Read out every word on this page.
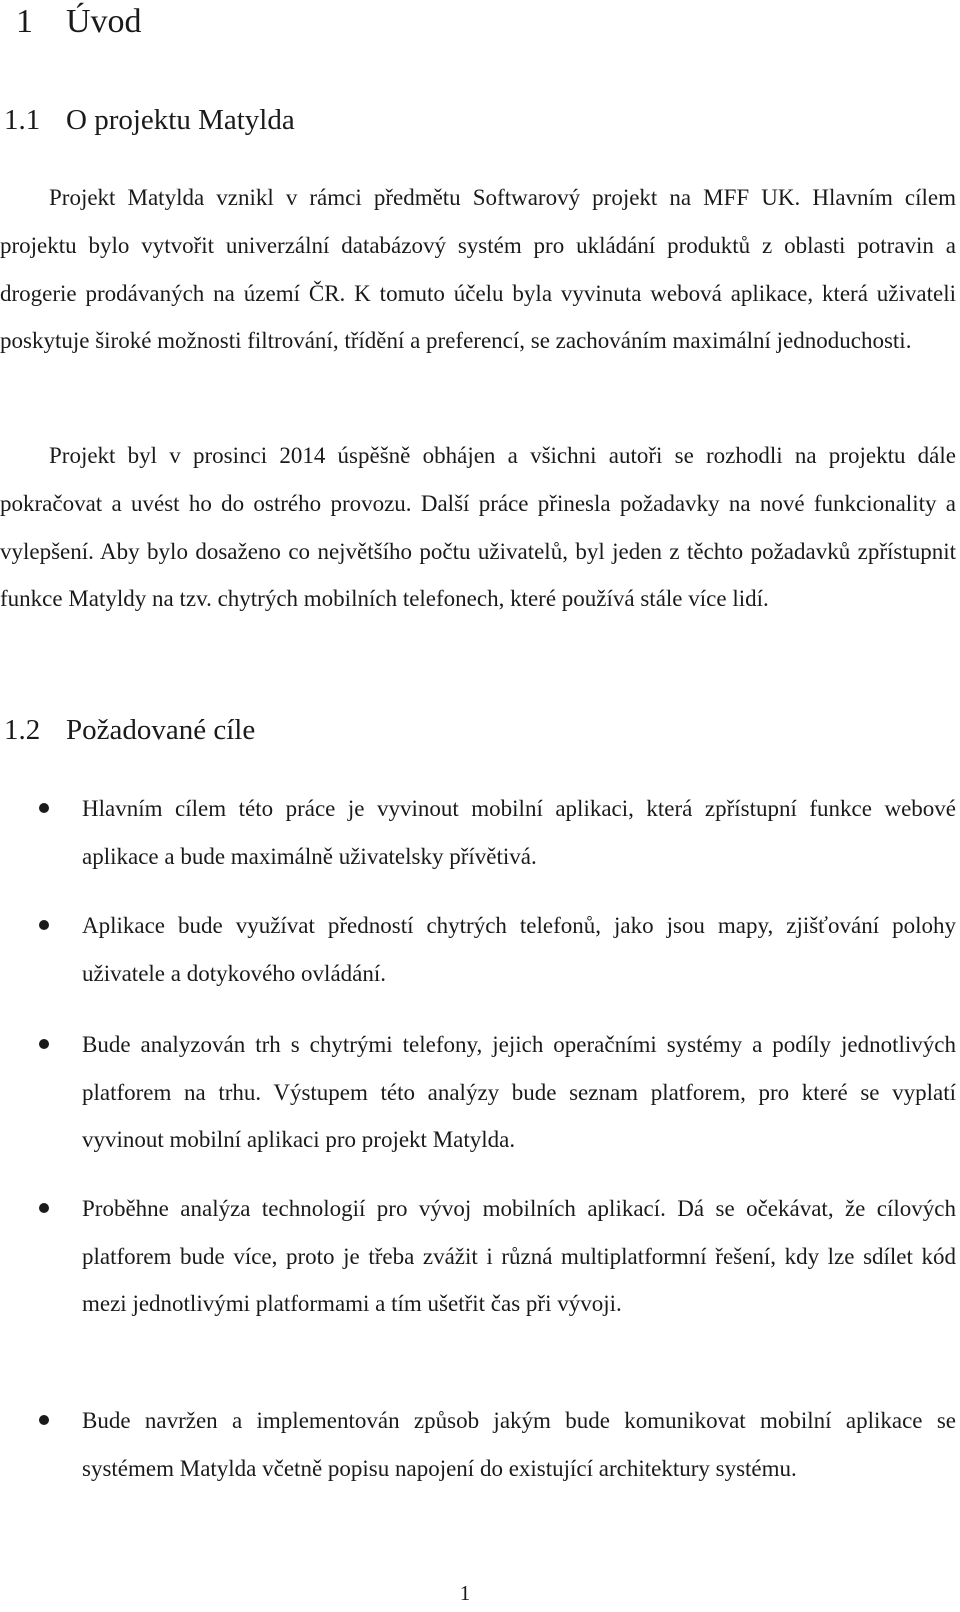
1 Úvod
1.1 O projektu Matylda

Projekt Matylda vznikl v rámci předmětu Softwarový projekt na MFF UK. Hlavním cílem projektu bylo vytvořit univerzální databázový systém pro ukládání produktů z oblasti potravin a drogerie prodávaných na území ČR. K tomuto účelu byla vyvinuta webová aplikace, která uživateli poskytuje široké možnosti filtrování, třídění a preferencí, se zachováním maximální jednoduchosti.

Projekt byl v prosinci 2014 úspěšně obhájen a všichni autoři se rozhodli na projektu dále pokračovat a uvést ho do ostrého provozu. Další práce přinesla požadavky na nové funkcionality a vylepšení. Aby bylo dosaženo co největšího počtu uživatelů, byl jeden z těchto požadavků zpřístupnit funkce Matyldy na tzv. chytrých mobilních telefonech, které používá stále více lidí.

1.2 Požadované cíle

Hlavním cílem této práce je vyvinout mobilní aplikaci, která zpřístupní funkce webové aplikace a bude maximálně uživatelsky přívětivá.

Aplikace bude využívat předností chytrých telefonů, jako jsou mapy, zjišťování polohy uživatele a dotykového ovládání.

Bude analyzován trh s chytrými telefony, jejich operačními systémy a podíly jednotlivých platforem na trhu. Výstupem této analýzy bude seznam platforem, pro které se vyplatí vyvinout mobilní aplikaci pro projekt Matylda.

Proběhne analýza technologií pro vývoj mobilních aplikací. Dá se očekávat, že cílových platforem bude více, proto je třeba zvážit i různá multiplatformní řešení, kdy lze sdílet kód mezi jednotlivými platformami a tím ušetřit čas při vývoji.

Bude navržen a implementován způsob jakým bude komunikovat mobilní aplikace se systémem Matylda včetně popisu napojení do existující architektury systému.

1
